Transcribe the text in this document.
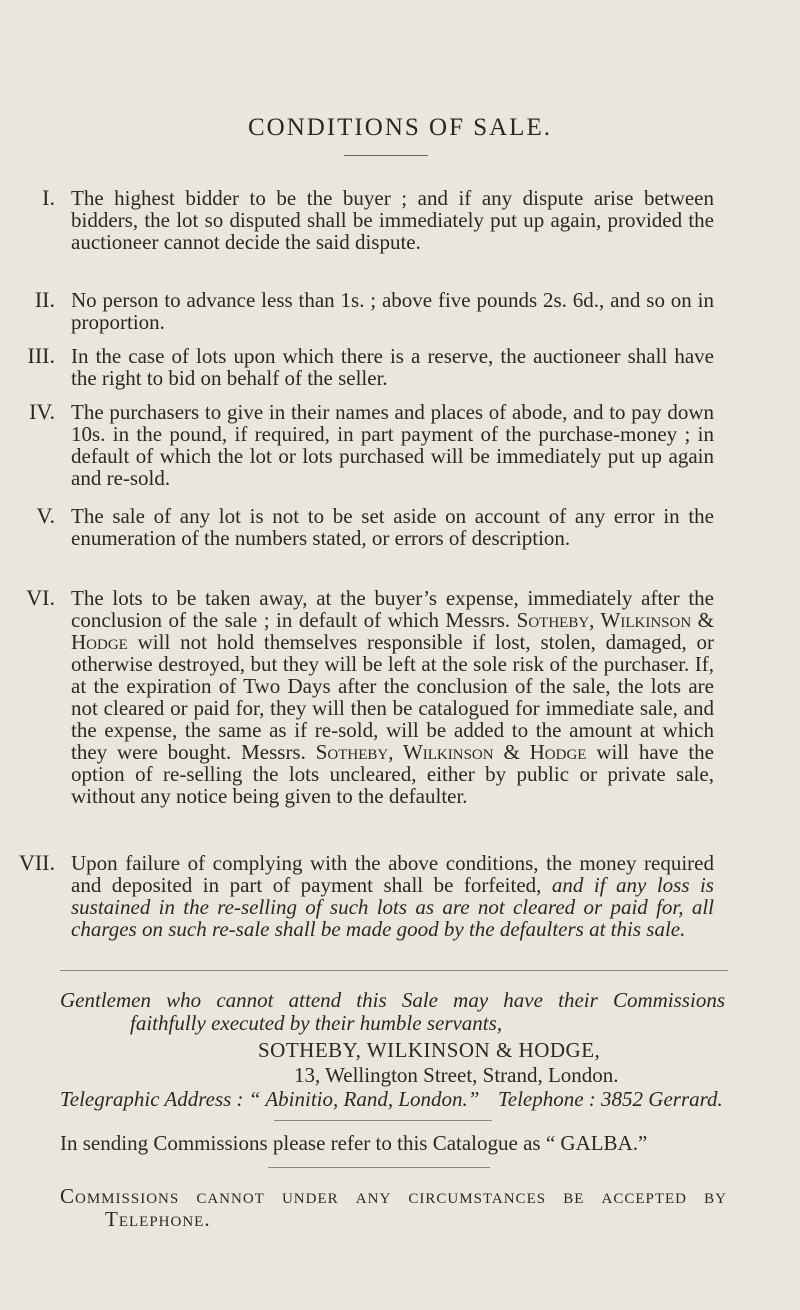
CONDITIONS OF SALE.
I. The highest bidder to be the buyer ; and if any dispute arise between bidders, the lot so disputed shall be immediately put up again, provided the auctioneer cannot decide the said dispute.
II. No person to advance less than 1s. ; above five pounds 2s. 6d., and so on in proportion.
III. In the case of lots upon which there is a reserve, the auctioneer shall have the right to bid on behalf of the seller.
IV. The purchasers to give in their names and places of abode, and to pay down 10s. in the pound, if required, in part payment of the purchase-money ; in default of which the lot or lots purchased will be immediately put up again and re-sold.
V. The sale of any lot is not to be set aside on account of any error in the enumeration of the numbers stated, or errors of description.
VI. The lots to be taken away, at the buyer’s expense, immediately after the conclusion of the sale ; in default of which Messrs. Sotheby, Wilkinson & Hodge will not hold themselves responsible if lost, stolen, damaged, or otherwise destroyed, but they will be left at the sole risk of the purchaser. If, at the expiration of Two Days after the conclusion of the sale, the lots are not cleared or paid for, they will then be catalogued for immediate sale, and the expense, the same as if re-sold, will be added to the amount at which they were bought. Messrs. Sotheby, Wilkinson & Hodge will have the option of re-selling the lots uncleared, either by public or private sale, without any notice being given to the defaulter.
VII. Upon failure of complying with the above conditions, the money required and deposited in part of payment shall be forfeited, and if any loss is sustained in the re-selling of such lots as are not cleared or paid for, all charges on such re-sale shall be made good by the defaulters at this sale.
Gentlemen who cannot attend this Sale may have their Commissions
faithfully executed by their humble servants,
SOTHEBY, WILKINSON & HODGE,
13, Wellington Street, Strand, London.
Telegraphic Address : “ Abinitio, Rand, London.” Telephone : 3852 Gerrard.
In sending Commissions please refer to this Catalogue as “ GALBA.”
Commissions cannot under any circumstances be accepted by
Telephone.
